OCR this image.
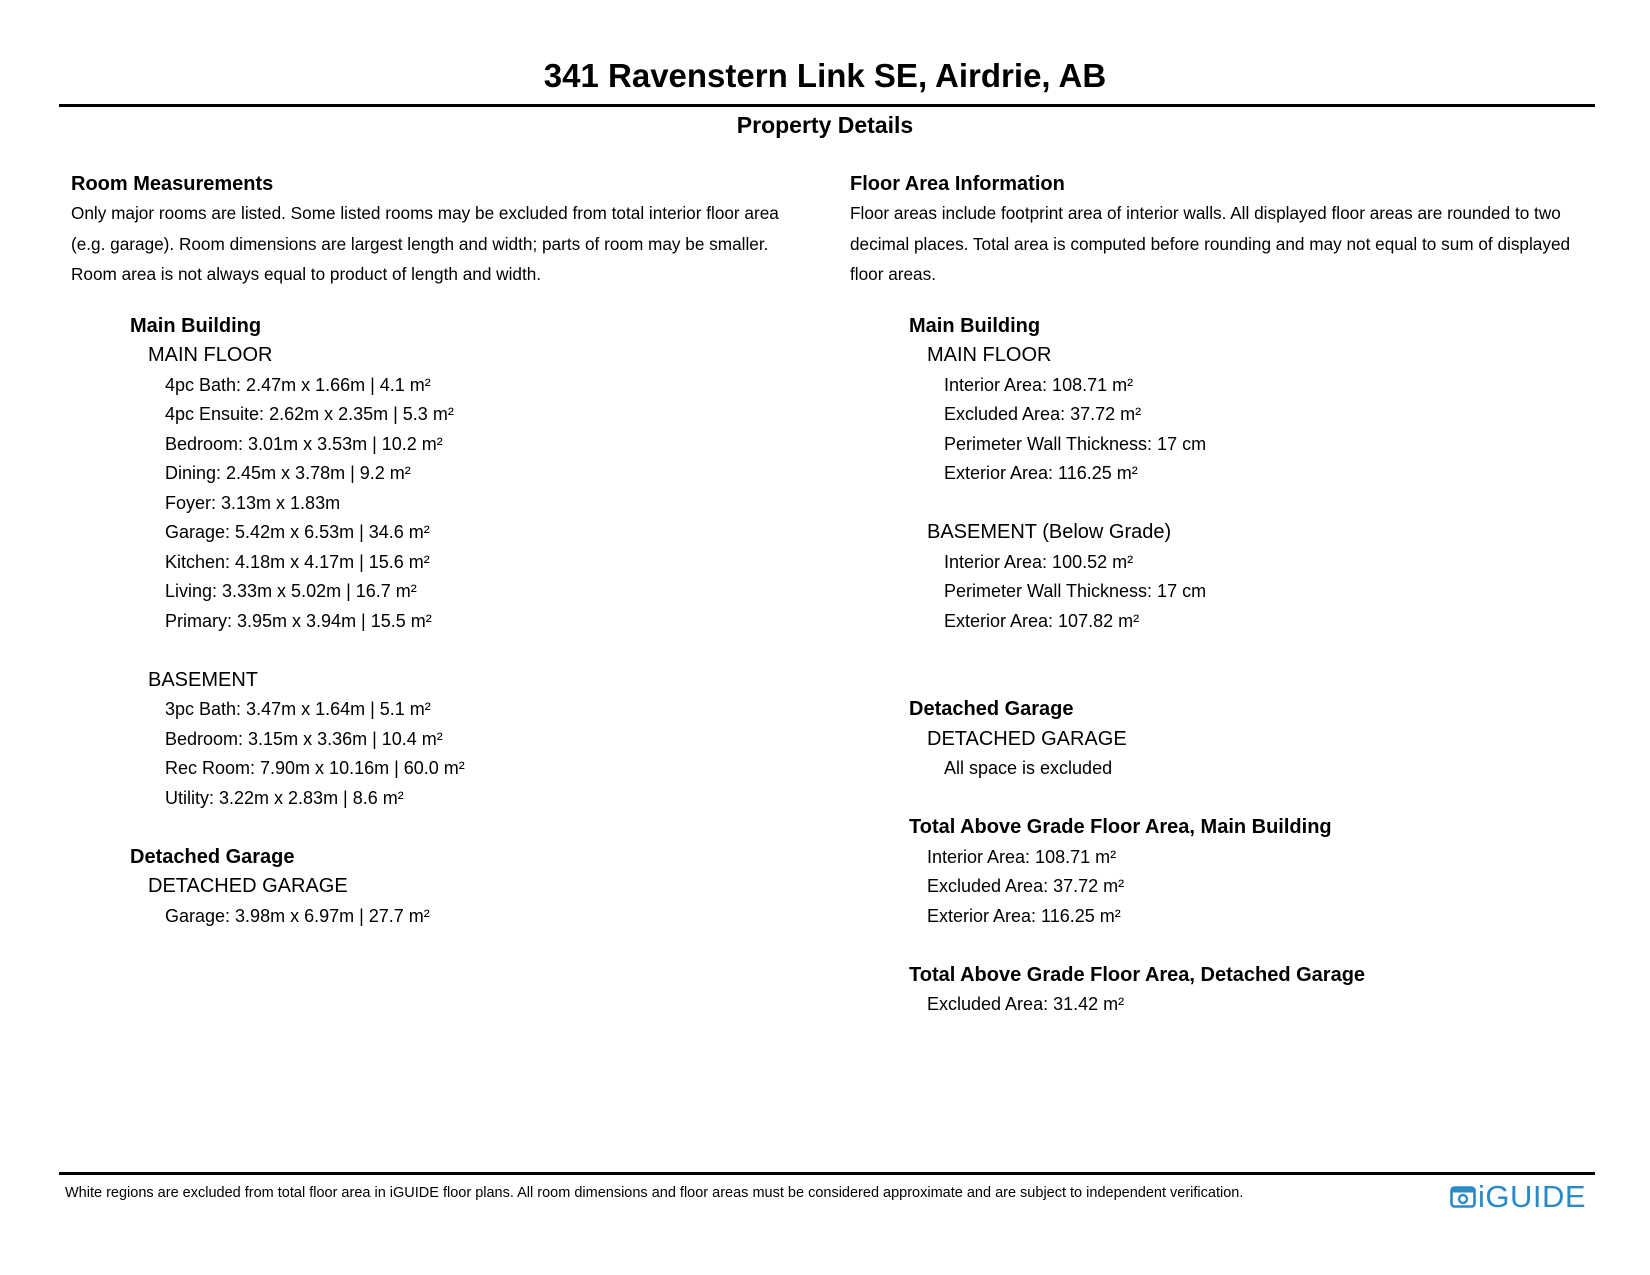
341 Ravenstern Link SE, Airdrie, AB
Property Details
Room Measurements
Only major rooms are listed. Some listed rooms may be excluded from total interior floor area
(e.g. garage). Room dimensions are largest length and width; parts of room may be smaller.
Room area is not always equal to product of length and width.
Main Building
MAIN FLOOR
4pc Bath: 2.47m x 1.66m | 4.1 m²
4pc Ensuite: 2.62m x 2.35m | 5.3 m²
Bedroom: 3.01m x 3.53m | 10.2 m²
Dining: 2.45m x 3.78m | 9.2 m²
Foyer: 3.13m x 1.83m
Garage: 5.42m x 6.53m | 34.6 m²
Kitchen: 4.18m x 4.17m | 15.6 m²
Living: 3.33m x 5.02m | 16.7 m²
Primary: 3.95m x 3.94m | 15.5 m²
BASEMENT
3pc Bath: 3.47m x 1.64m | 5.1 m²
Bedroom: 3.15m x 3.36m | 10.4 m²
Rec Room: 7.90m x 10.16m | 60.0 m²
Utility: 3.22m x 2.83m | 8.6 m²
Detached Garage
DETACHED GARAGE
Garage: 3.98m x 6.97m | 27.7 m²
Floor Area Information
Floor areas include footprint area of interior walls. All displayed floor areas are rounded to two
decimal places. Total area is computed before rounding and may not equal to sum of displayed
floor areas.
Main Building
MAIN FLOOR
Interior Area: 108.71 m²
Excluded Area: 37.72 m²
Perimeter Wall Thickness: 17 cm
Exterior Area: 116.25 m²
BASEMENT (Below Grade)
Interior Area: 100.52 m²
Perimeter Wall Thickness: 17 cm
Exterior Area: 107.82 m²
Detached Garage
DETACHED GARAGE
All space is excluded
Total Above Grade Floor Area, Main Building
Interior Area: 108.71 m²
Excluded Area: 37.72 m²
Exterior Area: 116.25 m²
Total Above Grade Floor Area, Detached Garage
Excluded Area: 31.42 m²
White regions are excluded from total floor area in iGUIDE floor plans. All room dimensions and floor areas must be considered approximate and are subject to independent verification.	iGUIDE
